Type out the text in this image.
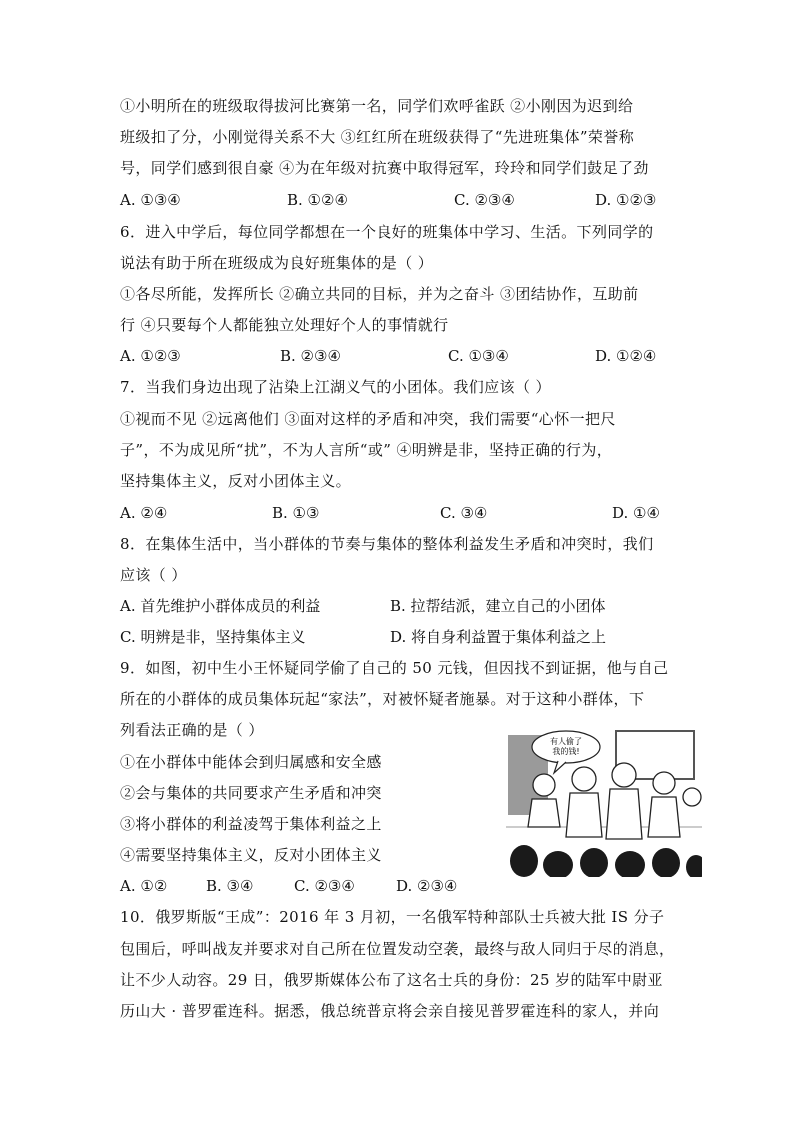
①小明所在的班级取得拔河比赛第一名，同学们欢呼雀跃 ②小刚因为迟到给
班级扣了分，小刚觉得关系不大 ③红红所在班级获得了“先进班集体”荣誉称
号，同学们感到很自豪 ④为在年级对抗赛中取得冠军，玲玲和同学们鼓足了劲
A. ①③④	B. ①②④	C. ②③④	D. ①②③
6．进入中学后，每位同学都想在一个良好的班集体中学习、生活。下列同学的
说法有助于所在班级成为良好班集体的是（ ）
①各尽所能，发挥所长 ②确立共同的目标，并为之奋斗 ③团结协作，互助前
行 ④只要每个人都能独立处理好个人的事情就行
A. ①②③	B. ②③④	C. ①③④	D. ①②④
7．当我们身边出现了沾染上江湖义气的小团体。我们应该（ ）
①视而不见 ②远离他们 ③面对这样的矛盾和冲突，我们需要“心怀一把尺
子”，不为成见所“扰”，不为人言所“或” ④明辨是非，坚持正确的行为，
坚持集体主义，反对小团体主义。
A. ②④	B. ①③	C. ③④	D. ①④
8．在集体生活中，当小群体的节奏与集体的整体利益发生矛盾和冲突时，我们
应该（ ）
A. 首先维护小群体成员的利益	B. 拉帮结派，建立自己的小团体
C. 明辨是非，坚持集体主义	D. 将自身利益置于集体利益之上
9．如图，初中生小王怀疑同学偷了自己的 50 元钱，但因找不到证据，他与自己
所在的小群体的成员集体玩起“家法”，对被怀疑者施暴。对于这种小群体，下
列看法正确的是（ ）
①在小群体中能体会到归属感和安全感
②会与集体的共同要求产生矛盾和冲突
③将小群体的利益凌驾于集体利益之上
④需要坚持集体主义，反对小团体主义
A. ①②	B. ③④	C. ②③④	D. ②③④
有人偷了
我的钱!
10．俄罗斯版“王成”：2016 年 3 月初，一名俄军特种部队士兵被大批 IS 分子
包围后，呼叫战友并要求对自己所在位置发动空袭，最终与敌人同归于尽的消息，
让不少人动容。29 日，俄罗斯媒体公布了这名士兵的身份：25 岁的陆军中尉亚
历山大 · 普罗霍连科。据悉，俄总统普京将会亲自接见普罗霍连科的家人，并向
